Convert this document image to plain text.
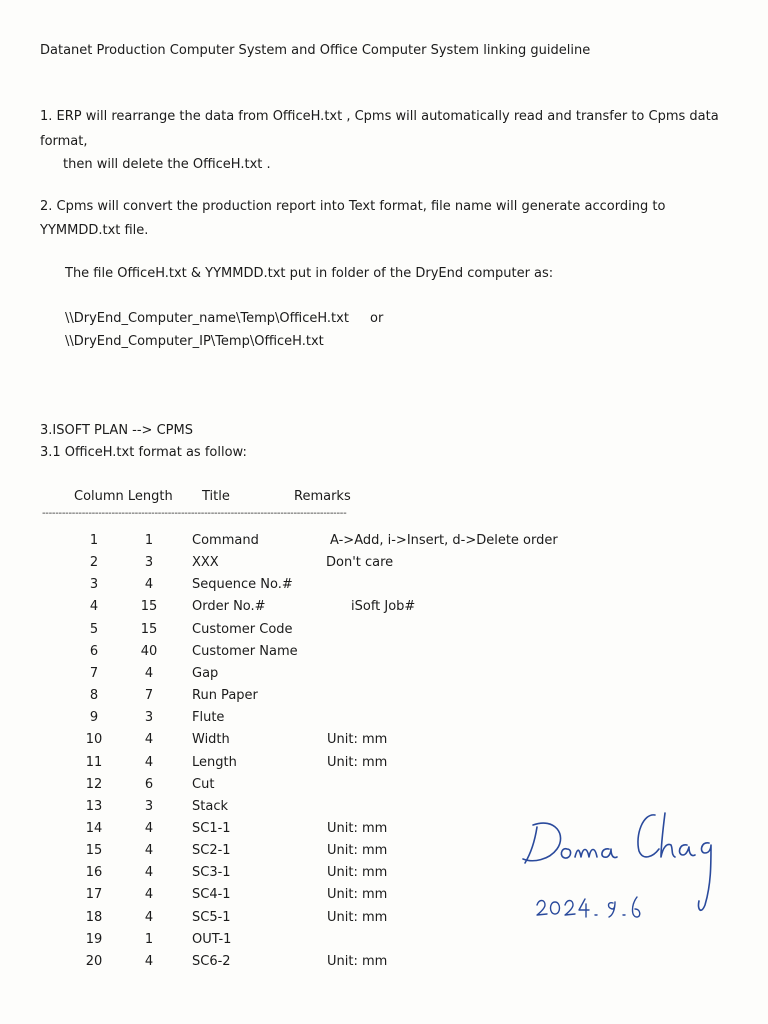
Datanet Production Computer System and Office Computer System linking guideline
1. ERP will rearrange the data from OfficeH.txt , Cpms will automatically read and transfer to Cpms data
format,
then will delete the OfficeH.txt .
2. Cpms will convert the production report into Text format, file name will generate according to
YYMMDD.txt file.
The file OfficeH.txt & YYMMDD.txt put in folder of the DryEnd computer as:
\\DryEnd_Computer_name\Temp\OfficeH.txt or
\\DryEnd_Computer_IP\Temp\OfficeH.txt
3.ISOFT PLAN --> CPMS
3.1 OfficeH.txt format as follow:
Column Length Title	Remarks
--------------------------------------------------------------------------------------------
1	1	Command	A->Add, i->Insert, d->Delete order
2	3	XXX	Don't care
3	4	Sequence No.#
4	15	Order No.#	iSoft Job#
5	15	Customer Code
6	40	Customer Name
7	4	Gap
8	7	Run Paper
9	3	Flute
10	4	Width	Unit: mm
11	4	Length	Unit: mm
12	6	Cut
13	3	Stack
14	4	SC1-1	Unit: mm
15	4	SC2-1	Unit: mm
16	4	SC3-1	Unit: mm
17	4	SC4-1	Unit: mm
18	4	SC5-1	Unit: mm
19	1	OUT-1
20	4	SC6-2	Unit: mm
